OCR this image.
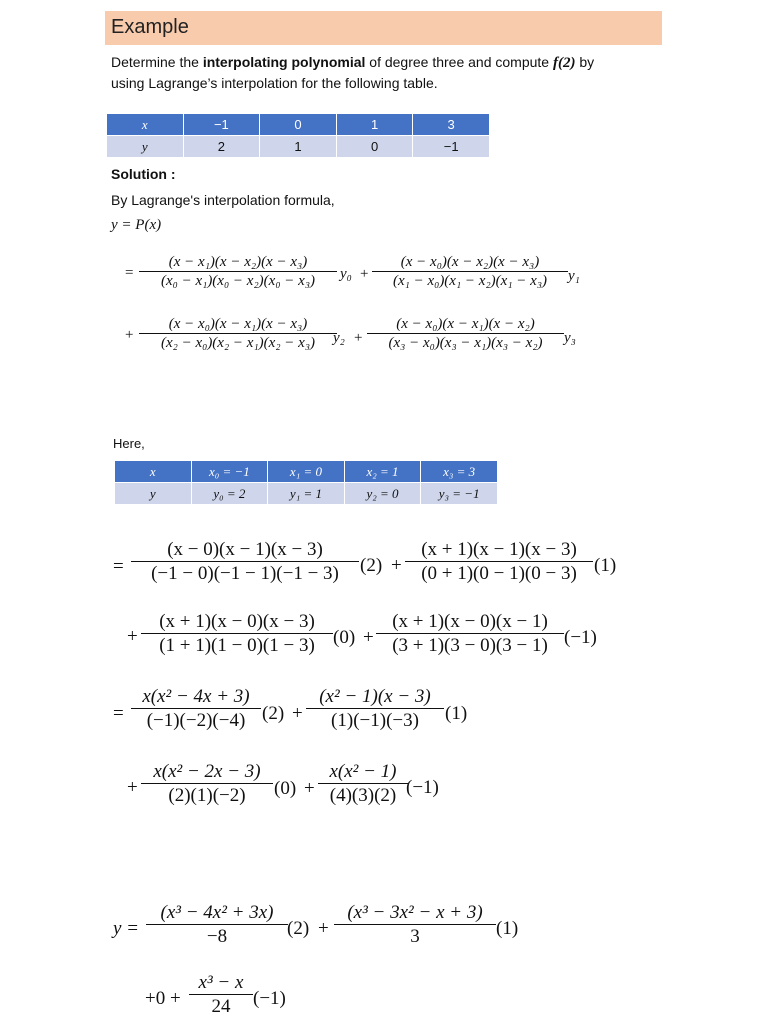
Example
Determine the interpolating polynomial of degree three and compute f(2) by
using Lagrange’s interpolation for the following table.
x	−1	0	1	3
y	2	1	0	−1
Solution :
By Lagrange's interpolation formula,
y = P(x)
= $\frac{\text{(x − x₁)(x − x₂)(x − x₃)}}{\text{(x₀ − x₁)(x₀ − x₂)(x₀ − x₃)}} y_0 + \frac{\text{(x − x₀)(x − x₂)(x − x₃)}}{\text{(x₁ − x₀)(x₁ − x₂)(x₁ − x₃)}} y_1$
+ $\frac{\text{(x − x₀)(x − x₁)(x − x₃)}}{\text{(x₂ − x₀)(x₂ − x₁)(x₂ − x₃)}}$
$y_2 + \frac{\text{(x − x₀)(x − x₁)(x − x₂)}}{\text{(x₃ − x₀)(x₃ − x₁)(x₃ − x₂)}} y_3$
Here,
x	x₀ = −1	x₁ = 0	x₂ = 1	x₃ = 3
y	y₀ = 2	y₁ = 1	y₂ = 0	y₃ = −1
= $\frac{(x - 0)(x - 1)(x - 3)}{(-1 - 0)(-1 - 1)(-1 - 3)} (2) + \frac{(x + 1)(x - 1)(x - 3)}{(0 + 1)(0 - 1)(0 - 3)} (1)$
+ $\frac{(x + 1)(x - 0)(x - 3)}{(1 + 1)(1 - 0)(1 - 3)} (0) + \frac{(x + 1)(x - 0)(x - 1)}{(3 + 1)(3 - 0)(3 - 1)} (-1)$
= $\frac{\text{x(x² − 4x + 3)}}{(-1)(-2)(-4)} (2) + \frac{\text{(x² − 1)(x − 3)}}{(1)(-1)(-3)} (1)$
+ $\frac{\text{x(x² − 2x − 3)}}{(2)(1)(-2)} (0) + \frac{\text{x(x² − 1)}}{(4)(3)(2)}$
(−1)
$y = \frac{\text{(x³ − 4x² + 3x)}}{-8} (2) + \frac{\text{(x³ − 3x² − x + 3)}}{3} (1)$
$+0 + \frac{\text{x³ − x}}{24} (-1)$
